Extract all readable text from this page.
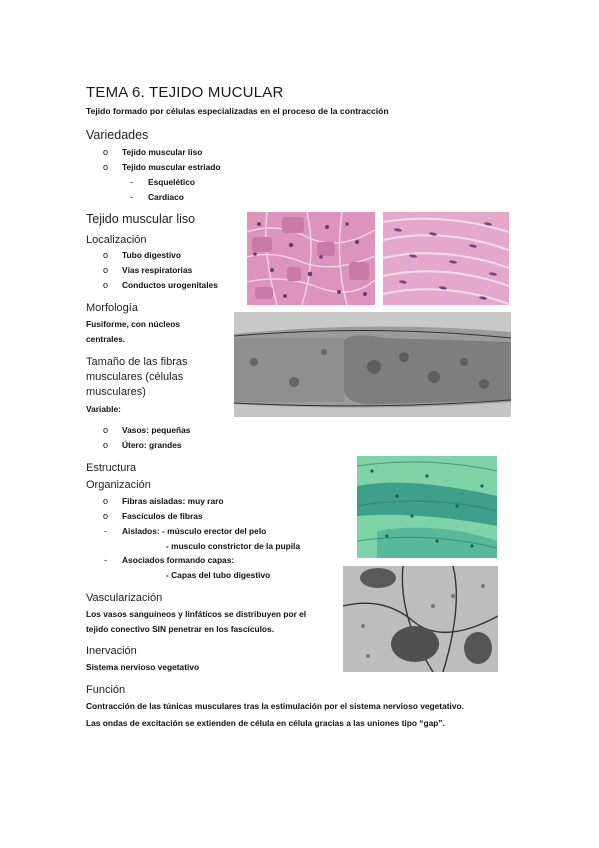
TEMA 6. TEJIDO MUCULAR
Tejido formado por células especializadas en el proceso de la contracción
Variedades
o Tejido muscular liso
o Tejido muscular estriado
- Esquelético
- Cardiaco
Tejido muscular liso
Localización
o Tubo digestivo
o Vías respiratorias
o Conductos urogenitales
Morfología
Fusiforme, con núcleos
centrales.
Tamaño de las fibras
musculares (células
musculares)
Variable:
o Vasos: pequeñas
o Útero: grandes
Estructura
Organización
o Fibras aisladas: muy raro
o Fascículos de fibras
- Aislados: - músculo erector del pelo
- musculo constrictor de la pupila
- Asociados formando capas:
- Capas del tubo digestivo
Vascularización
Los vasos sanguíneos y linfáticos se distribuyen por el
tejido conectivo SIN penetrar en los fascículos.
Inervación
Sistema nervioso vegetativo
Función
Contracción de las túnicas musculares tras la estimulación por el sistema nervioso vegetativo.
Las ondas de excitación se extienden de célula en célula gracias a las uniones tipo “gap”.
